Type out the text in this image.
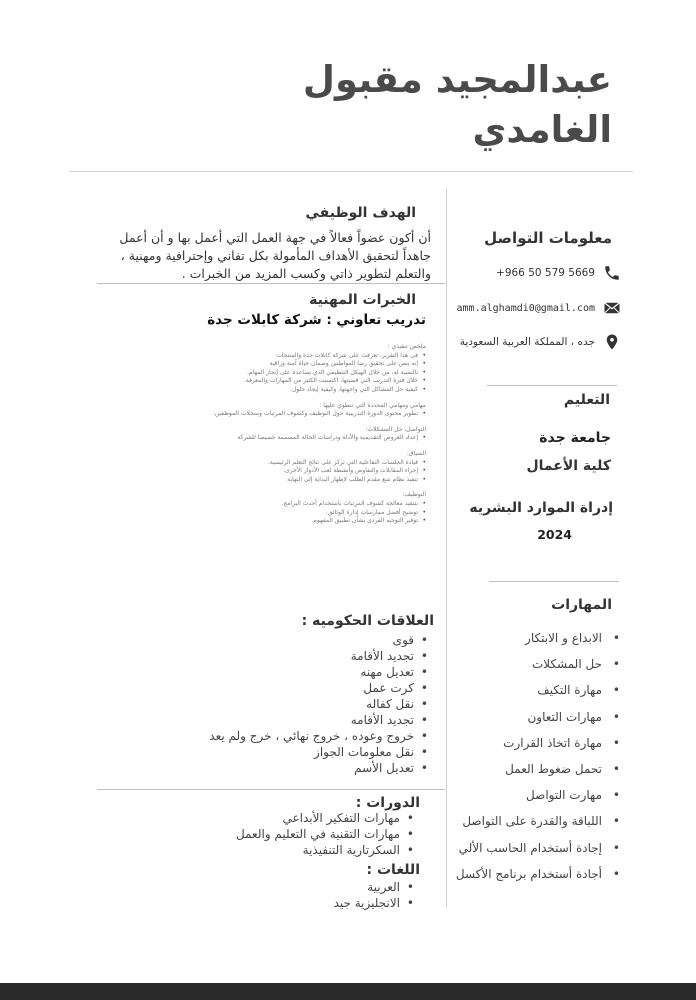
عبدالمجيد مقبول
الغامدي
الهدف الوظيفي
أن أكون عضواً فعالاً في جهة العمل التي أعمل بها و أن أعمل جاهداً لتحقيق الأهداف المأمولة بكل تفاني وإحترافية ومهنية ، والتعلم لتطوير ذاتي وكسب المزيد من الخبرات .
الخبرات المهنية
تدريب تعاوني : شركة كابلات جدة
ملخص تنفيذي :
• في هذا التقرير، تعرفت على شركة كابلات جدة والمنتجات
• إنه ينص على تحقيق رضا المواطنين وضمان حياة آمنة وراقية
• بالنسبة له، من خلال الهيكل التنظيمي الذي يساعده على إنجاز المهام.
• خلال فترة التدريب التي قضيتها، اكتسبت الكثير من المهارات والمعرفة.
• كيفية حل المشاكل التي واجهتها، وكيفية إيجاد حلول.
مهامي ومهامي المحددة التي تنطوي عليها :
• تطوير محتوى الدورة التدريبية حول التوظيف وكشوف المرتبات وسجلات الموظفين.
التواصل، حل المشكلات:
• إعداد العروض التقديمية والأدلة ودراسات الحالة المصممة خصيصا للشركة
السياق:
• قيادة الجلسات التفاعلية التي تركز على نتائج التعلم الرئيسية.
• إجراء المقابلات والتفاوض وأنشطة لعب الأدوار الأخرى.
• تنفيذ نظام تتبع مقدم الطلب لإظهار البداية إلى النهاية
التوظيف:
• بتنفيذ معالجة كشوف المرتبات باستخدام أحدث البرامج.
• توضيح أفضل ممارسات إدارة الوثائق.
• توفير التوجيه الفردي بشأن تطبيق المفهوم.
العلاقات الحكوميه :
• قوى
• تجديد الأقامة
• تعديل مهنه
• كرت عمل
• نقل كفاله
• تجديد الأقامه
• خروج وعوده ، خروج نهائي ، خرج ولم يعد
• نقل معلومات الجواز
• تعديل الأسم
الدورات :
• مهارات التفكير الأبداعي
• مهارات التقنية في التعليم والعمل
• السكرتارية التنفيذية
اللغات :
• العربية
• الانجليزية جيد
معلومات التواصل
+966 50 579 5669
amm.alghamdi0@gmail.com
جده ، المملكة العربية السعودية
التعليم
جامعة جدة
كلية الأعمال
إدراة الموارد البشريه
2024
المهارات
• الابداع و الابتكار
• حل المشكلات
• مهارة التكيف
• مهارات التعاون
• مهارة اتخاذ القرارت
• تحمل ضغوط العمل
• مهارت التواصل
• اللباقة والقدرة على التواصل
• إجادة أستخدام الحاسب الألي
• أجادة أستخدام برنامج الأكسل
